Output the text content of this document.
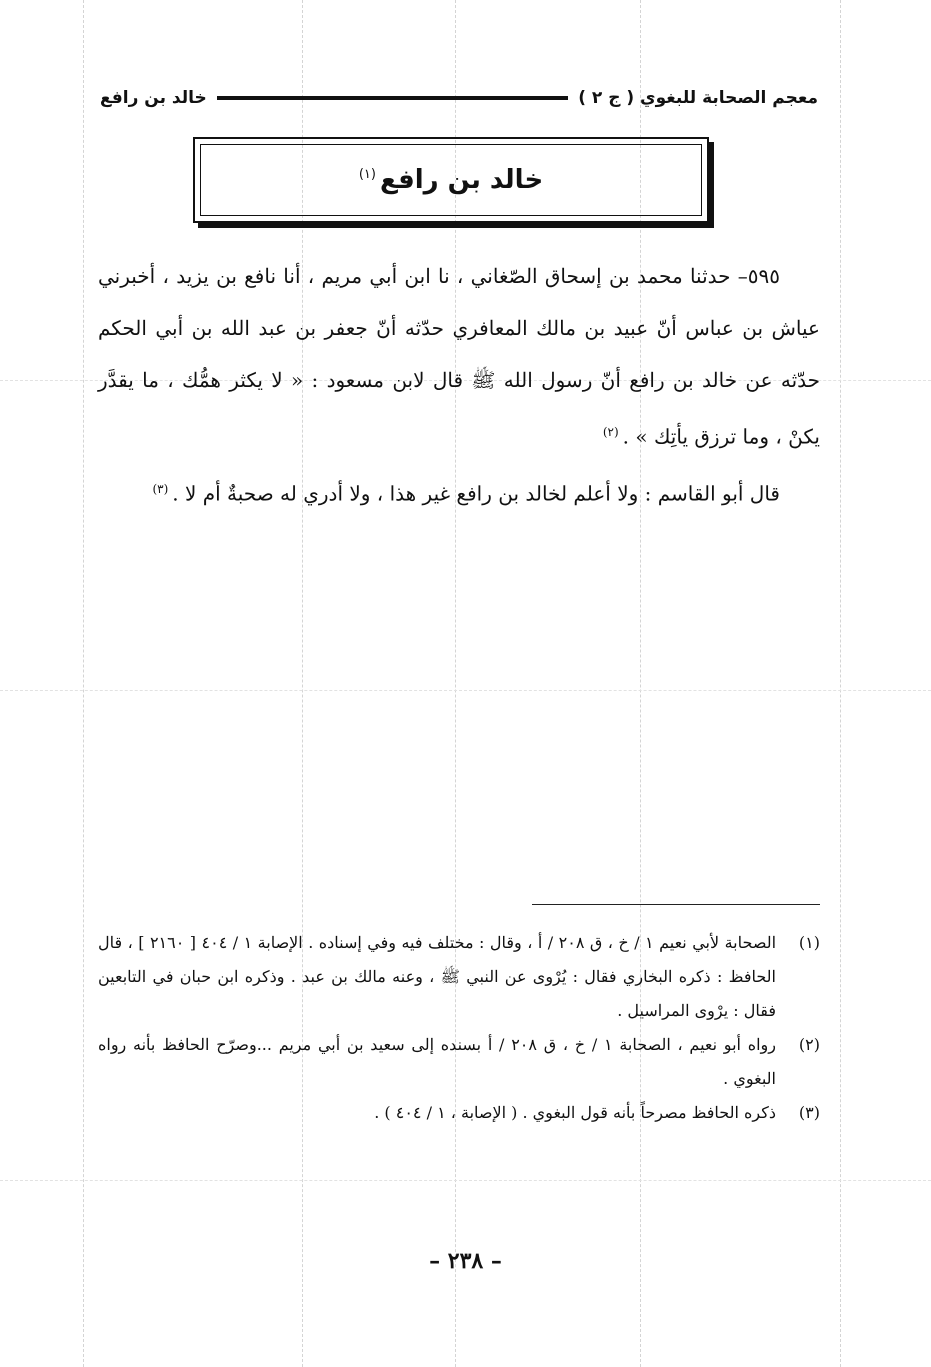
معجم الصحابة للبغوي ( ج ٢ )
خالد بن رافع
خالد بن رافع$^{(١)}$

٥٩٥– حدثنا محمد بن إسحاق الصّغاني ، نا ابن أبي مريم ، أنا نافع بن يزيد ، أخبرني عياش بن عباس أنّ عبيد بن مالك المعافري حدّثه أنّ جعفر بن عبد الله بن أبي الحكم حدّثه عن خالد بن رافع أنّ رسول الله ﷺ قال لابن مسعود : « لا يكثر همُّك ، ما يقدَّر يكنْ ، وما ترزق يأتِك » .$^{(٢)}$

قال أبو القاسم : ولا أعلم لخالد بن رافع غير هذا ، ولا أدري له صحبةٌ أم لا .$^{(٣)}$

(١)
الصحابة لأبي نعيم ١ / خ ، ق ٢٠٨ / أ ، وقال : مختلف فيه وفي إسناده . الإصابة ١ / ٤٠٤ [ ٢١٦٠ ] ، قال الحافظ : ذكره البخاري فقال : يُرْوى عن النبي ﷺ ، وعنه مالك بن عبد . وذكره ابن حبان في التابعين فقال : يرْوى المراسيل .
(٢)
رواه أبو نعيم ، الصحابة ١ / خ ، ق ٢٠٨ / أ بسنده إلى سعيد بن أبي مريم ...وصرّح الحافظ بأنه رواه البغوي .
(٣)
ذكره الحافظ مصرحاً بأنه قول البغوي . ( الإصابة ، ١ / ٤٠٤ ) .
– ٢٣٨ –
